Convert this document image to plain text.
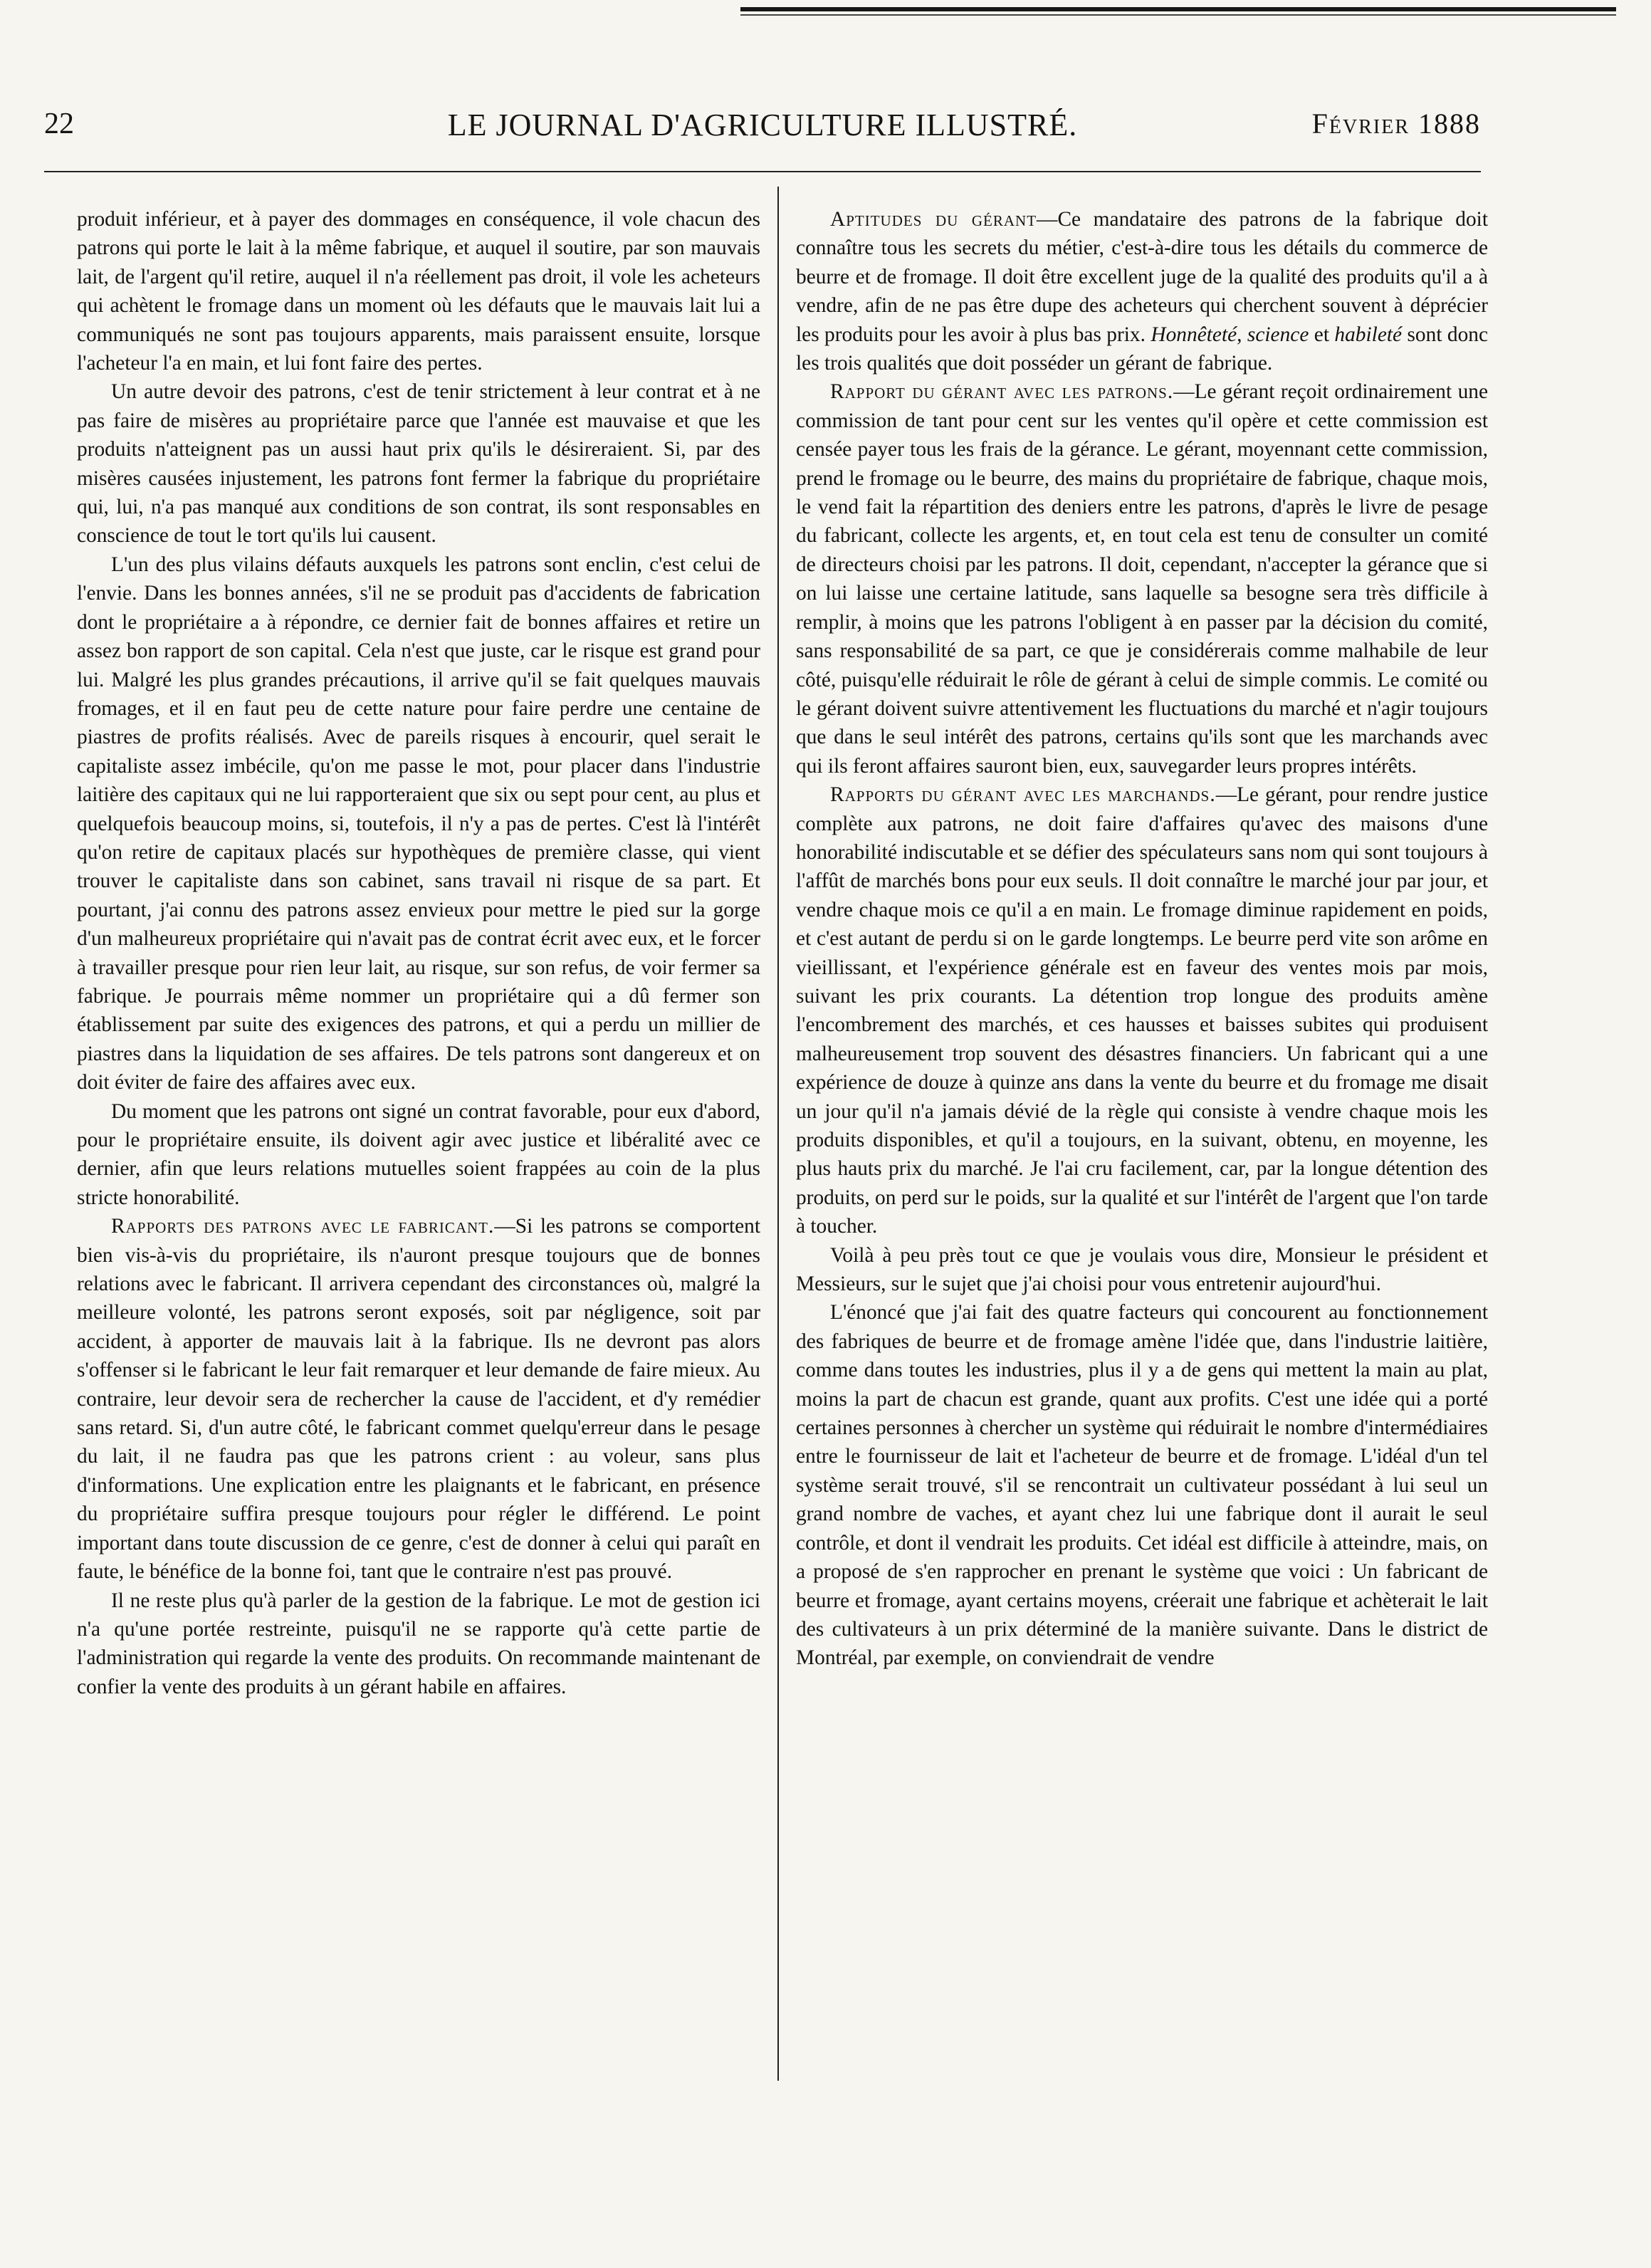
22	LE JOURNAL D'AGRICULTURE ILLUSTRÉ.	Février 1888

produit inférieur, et à payer des dommages en conséquence, il vole chacun des patrons qui porte le lait à la même fabrique, et auquel il soutire, par son mauvais lait, de l'argent qu'il retire, auquel il n'a réellement pas droit, il vole les acheteurs qui achètent le fromage dans un moment où les défauts que le mauvais lait lui a communiqués ne sont pas toujours apparents, mais paraissent ensuite, lorsque l'acheteur l'a en main, et lui font faire des pertes.

Un autre devoir des patrons, c'est de tenir strictement à leur contrat et à ne pas faire de misères au propriétaire parce que l'année est mauvaise et que les produits n'atteignent pas un aussi haut prix qu'ils le désireraient. Si, par des misères causées injustement, les patrons font fermer la fabrique du propriétaire qui, lui, n'a pas manqué aux conditions de son contrat, ils sont responsables en conscience de tout le tort qu'ils lui causent.

L'un des plus vilains défauts auxquels les patrons sont enclin, c'est celui de l'envie. Dans les bonnes années, s'il ne se produit pas d'accidents de fabrication dont le propriétaire a à répondre, ce dernier fait de bonnes affaires et retire un assez bon rapport de son capital. Cela n'est que juste, car le risque est grand pour lui. Malgré les plus grandes précautions, il arrive qu'il se fait quelques mauvais fromages, et il en faut peu de cette nature pour faire perdre une centaine de piastres de profits réalisés. Avec de pareils risques à encourir, quel serait le capitaliste assez imbécile, qu'on me passe le mot, pour placer dans l'industrie laitière des capitaux qui ne lui rapporteraient que six ou sept pour cent, au plus et quelquefois beaucoup moins, si, toutefois, il n'y a pas de pertes. C'est là l'intérêt qu'on retire de capitaux placés sur hypothèques de première classe, qui vient trouver le capitaliste dans son cabinet, sans travail ni risque de sa part. Et pourtant, j'ai connu des patrons assez envieux pour mettre le pied sur la gorge d'un malheureux propriétaire qui n'avait pas de contrat écrit avec eux, et le forcer à travailler presque pour rien leur lait, au risque, sur son refus, de voir fermer sa fabrique. Je pourrais même nommer un propriétaire qui a dû fermer son établissement par suite des exigences des patrons, et qui a perdu un millier de piastres dans la liquidation de ses affaires. De tels patrons sont dangereux et on doit éviter de faire des affaires avec eux.

Du moment que les patrons ont signé un contrat favorable, pour eux d'abord, pour le propriétaire ensuite, ils doivent agir avec justice et libéralité avec ce dernier, afin que leurs relations mutuelles soient frappées au coin de la plus stricte honorabilité.

Rapports des patrons avec le fabricant.—Si les patrons se comportent bien vis-à-vis du propriétaire, ils n'auront presque toujours que de bonnes relations avec le fabricant. Il arrivera cependant des circonstances où, malgré la meilleure volonté, les patrons seront exposés, soit par négligence, soit par accident, à apporter de mauvais lait à la fabrique. Ils ne devront pas alors s'offenser si le fabricant le leur fait remarquer et leur demande de faire mieux. Au contraire, leur devoir sera de rechercher la cause de l'accident, et d'y remédier sans retard. Si, d'un autre côté, le fabricant commet quelqu'erreur dans le pesage du lait, il ne faudra pas que les patrons crient : au voleur, sans plus d'informations. Une explication entre les plaignants et le fabricant, en présence du propriétaire suffira presque toujours pour régler le différend. Le point important dans toute discussion de ce genre, c'est de donner à celui qui paraît en faute, le bénéfice de la bonne foi, tant que le contraire n'est pas prouvé.

Il ne reste plus qu'à parler de la gestion de la fabrique. Le mot de gestion ici n'a qu'une portée restreinte, puisqu'il ne se rapporte qu'à cette partie de l'administration qui regarde la vente des produits. On recommande maintenant de confier la vente des produits à un gérant habile en affaires.

Aptitudes du gérant—Ce mandataire des patrons de la fabrique doit connaître tous les secrets du métier, c'est-à-dire tous les détails du commerce de beurre et de fromage. Il doit être excellent juge de la qualité des produits qu'il a à vendre, afin de ne pas être dupe des acheteurs qui cherchent souvent à déprécier les produits pour les avoir à plus bas prix. Honnêteté, science et habileté sont donc les trois qualités que doit posséder un gérant de fabrique.

Rapport du gérant avec les patrons.—Le gérant reçoit ordinairement une commission de tant pour cent sur les ventes qu'il opère et cette commission est censée payer tous les frais de la gérance. Le gérant, moyennant cette commission, prend le fromage ou le beurre, des mains du propriétaire de fabrique, chaque mois, le vend fait la répartition des deniers entre les patrons, d'après le livre de pesage du fabricant, collecte les argents, et, en tout cela est tenu de consulter un comité de directeurs choisi par les patrons. Il doit, cependant, n'accepter la gérance que si on lui laisse une certaine latitude, sans laquelle sa besogne sera très difficile à remplir, à moins que les patrons l'obligent à en passer par la décision du comité, sans responsabilité de sa part, ce que je considérerais comme malhabile de leur côté, puisqu'elle réduirait le rôle de gérant à celui de simple commis. Le comité ou le gérant doivent suivre attentivement les fluctuations du marché et n'agir toujours que dans le seul intérêt des patrons, certains qu'ils sont que les marchands avec qui ils feront affaires sauront bien, eux, sauvegarder leurs propres intérêts.

Rapports du gérant avec les marchands.—Le gérant, pour rendre justice complète aux patrons, ne doit faire d'affaires qu'avec des maisons d'une honorabilité indiscutable et se défier des spéculateurs sans nom qui sont toujours à l'affût de marchés bons pour eux seuls. Il doit connaître le marché jour par jour, et vendre chaque mois ce qu'il a en main. Le fromage diminue rapidement en poids, et c'est autant de perdu si on le garde longtemps. Le beurre perd vite son arôme en vieillissant, et l'expérience générale est en faveur des ventes mois par mois, suivant les prix courants. La détention trop longue des produits amène l'encombrement des marchés, et ces hausses et baisses subites qui produisent malheureusement trop souvent des désastres financiers. Un fabricant qui a une expérience de douze à quinze ans dans la vente du beurre et du fromage me disait un jour qu'il n'a jamais dévié de la règle qui consiste à vendre chaque mois les produits disponibles, et qu'il a toujours, en la suivant, obtenu, en moyenne, les plus hauts prix du marché. Je l'ai cru facilement, car, par la longue détention des produits, on perd sur le poids, sur la qualité et sur l'intérêt de l'argent que l'on tarde à toucher.

Voilà à peu près tout ce que je voulais vous dire, Monsieur le président et Messieurs, sur le sujet que j'ai choisi pour vous entretenir aujourd'hui.

L'énoncé que j'ai fait des quatre facteurs qui concourent au fonctionnement des fabriques de beurre et de fromage amène l'idée que, dans l'industrie laitière, comme dans toutes les industries, plus il y a de gens qui mettent la main au plat, moins la part de chacun est grande, quant aux profits. C'est une idée qui a porté certaines personnes à chercher un système qui réduirait le nombre d'intermédiaires entre le fournisseur de lait et l'acheteur de beurre et de fromage. L'idéal d'un tel système serait trouvé, s'il se rencontrait un cultivateur possédant à lui seul un grand nombre de vaches, et ayant chez lui une fabrique dont il aurait le seul contrôle, et dont il vendrait les produits. Cet idéal est difficile à atteindre, mais, on a proposé de s'en rapprocher en prenant le système que voici : Un fabricant de beurre et fromage, ayant certains moyens, créerait une fabrique et achèterait le lait des cultivateurs à un prix déterminé de la manière suivante. Dans le district de Montréal, par exemple, on conviendrait de vendre
